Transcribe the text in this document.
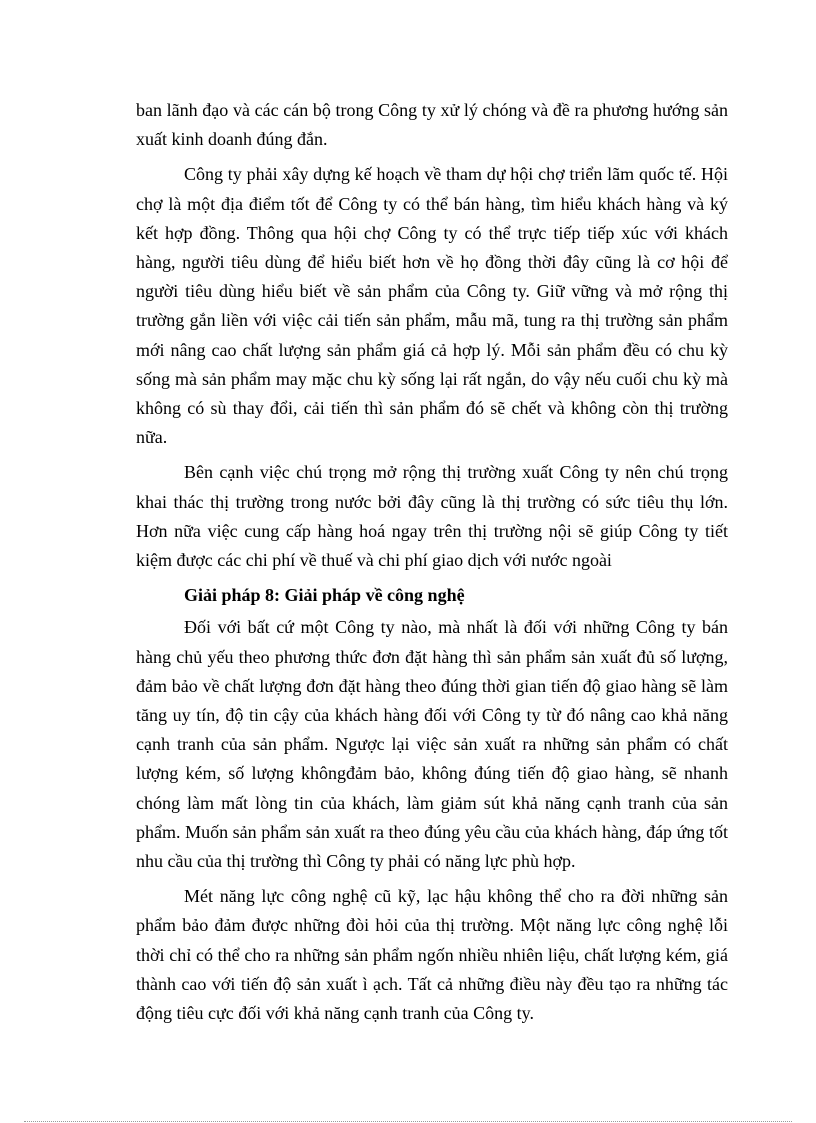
ban lãnh đạo và các cán bộ trong Công ty xử lý chóng và đề ra phương hướng sản xuất kinh doanh đúng đắn.

Công ty phải xây dựng kế hoạch về tham dự hội chợ triển lãm quốc tế. Hội chợ là một địa điểm tốt để Công ty có thể bán hàng, tìm hiểu khách hàng và ký kết hợp đồng. Thông qua hội chợ Công ty có thể trực tiếp tiếp xúc với khách hàng, người tiêu dùng để hiểu biết hơn về họ đồng thời đây cũng là cơ hội để người tiêu dùng hiểu biết về sản phẩm của Công ty. Giữ vững và mở rộng thị trường gắn liền với việc cải tiến sản phẩm, mẫu mã, tung ra thị trường sản phẩm mới nâng cao chất lượng sản phẩm giá cả hợp lý. Mỗi sản phẩm đều có chu kỳ sống mà sản phẩm may mặc chu kỳ sống lại rất ngắn, do vậy nếu cuối chu kỳ mà không có sù thay đổi, cải tiến thì sản phẩm đó sẽ chết và không còn thị trường nữa.

Bên cạnh việc chú trọng mở rộng thị trường xuất Công ty nên chú trọng khai thác thị trường trong nước bởi đây cũng là thị trường có sức tiêu thụ lớn. Hơn nữa việc cung cấp hàng hoá ngay trên thị trường nội sẽ giúp Công ty tiết kiệm được các chi phí về thuế và chi phí giao dịch với nước ngoài

Giải pháp 8: Giải pháp về công nghệ

Đối với bất cứ một Công ty nào, mà nhất là đối với những Công ty bán hàng chủ yếu theo phương thức đơn đặt hàng thì sản phẩm sản xuất đủ số lượng, đảm bảo về chất lượng đơn đặt hàng theo đúng thời gian tiến độ giao hàng sẽ làm tăng uy tín, độ tin cậy của khách hàng đối với Công ty từ đó nâng cao khả năng cạnh tranh của sản phẩm. Ngược lại việc sản xuất ra những sản phẩm có chất lượng kém, số lượng khôngđảm bảo, không đúng tiến độ giao hàng, sẽ nhanh chóng làm mất lòng tin của khách, làm giảm sút khả năng cạnh tranh của sản phẩm. Muốn sản phẩm sản xuất ra theo đúng yêu cầu của khách hàng, đáp ứng tốt nhu cầu của thị trường thì Công ty phải có năng lực phù hợp.

Mét năng lực công nghệ cũ kỹ, lạc hậu không thể cho ra đời những sản phẩm bảo đảm được những đòi hỏi của thị trường. Một năng lực công nghệ lỗi thời chỉ có thể cho ra những sản phẩm ngốn nhiều nhiên liệu, chất lượng kém, giá thành cao với tiến độ sản xuất ì ạch. Tất cả những điều này đều tạo ra những tác động tiêu cực đối với khả năng cạnh tranh của Công ty.
